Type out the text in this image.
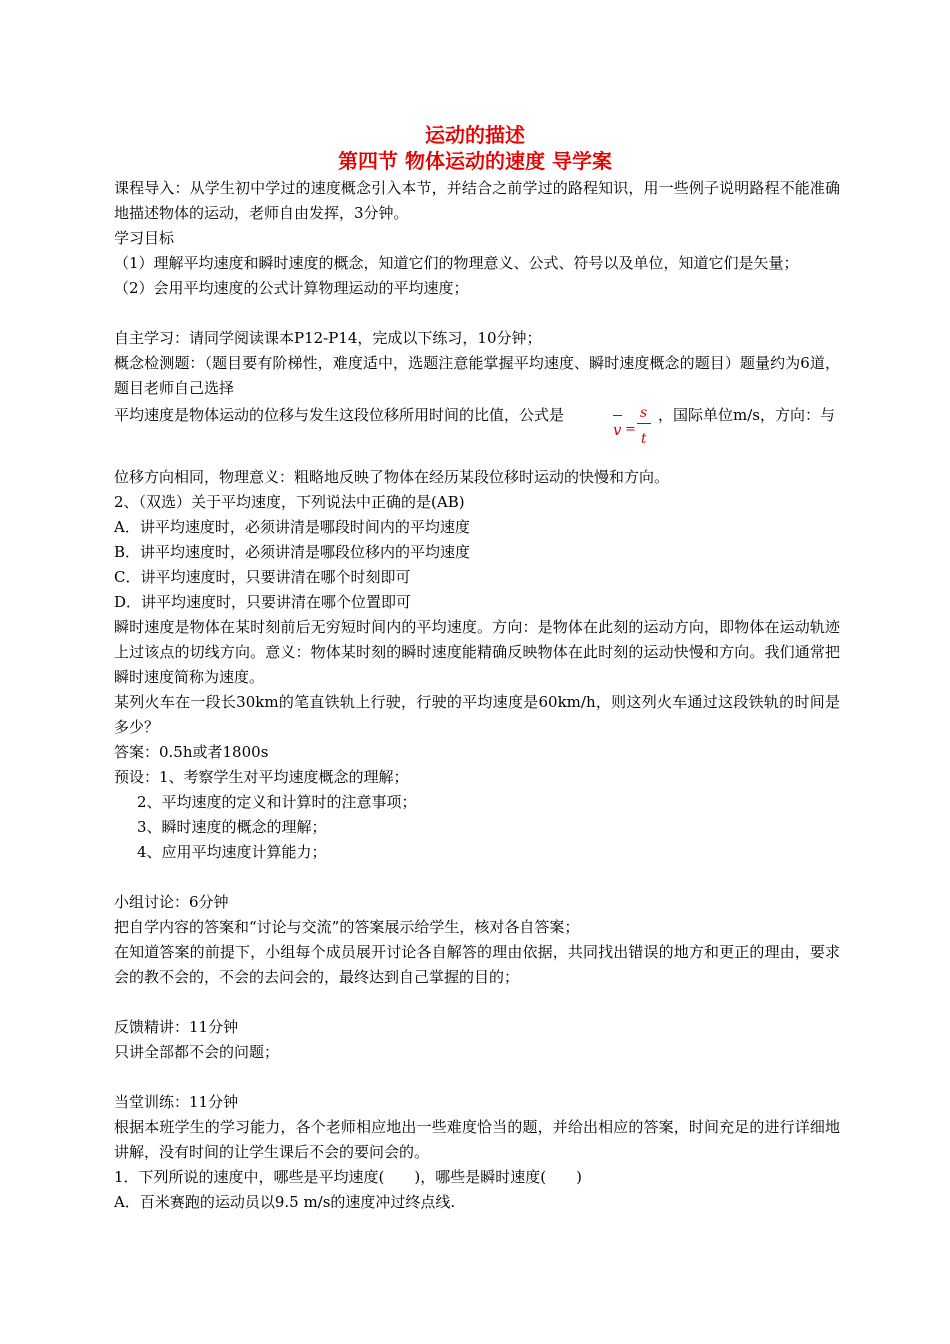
运动的描述
第四节 物体运动的速度 导学案

课程导入：从学生初中学过的速度概念引入本节，并结合之前学过的路程知识，用一些例子说明路程不能准确地描述物体的运动，老师自由发挥，3分钟。

学习目标

（1）理解平均速度和瞬时速度的概念，知道它们的物理意义、公式、符号以及单位，知道它们是矢量；

（2）会用平均速度的公式计算物理运动的平均速度；

自主学习：请同学阅读课本P12-P14，完成以下练习，10分钟；

概念检测题：（题目要有阶梯性，难度适中，选题注意能掌握平均速度、瞬时速度概念的题目）题量约为6道，题目老师自己选择

平均速度是物体运动的位移与发生这段位移所用时间的比值，公式是
v =
s
t
，国际单位m/s，方向：与

位移方向相同，物理意义：粗略地反映了物体在经历某段位移时运动的快慢和方向。

2、（双选）关于平均速度，下列说法中正确的是(AB)

A．讲平均速度时，必须讲清是哪段时间内的平均速度

B．讲平均速度时，必须讲清是哪段位移内的平均速度

C．讲平均速度时，只要讲清在哪个时刻即可

D．讲平均速度时，只要讲清在哪个位置即可

瞬时速度是物体在某时刻前后无穷短时间内的平均速度。方向：是物体在此刻的运动方向，即物体在运动轨迹上过该点的切线方向。意义：物体某时刻的瞬时速度能精确反映物体在此时刻的运动快慢和方向。我们通常把瞬时速度简称为速度。

某列火车在一段长30km的笔直铁轨上行驶，行驶的平均速度是60km/h，则这列火车通过这段铁轨的时间是多少？

答案：0.5h或者1800s

预设：1、考察学生对平均速度概念的理解；

2、平均速度的定义和计算时的注意事项；

3、瞬时速度的概念的理解；

4、应用平均速度计算能力；

小组讨论：6分钟

把自学内容的答案和“讨论与交流”的答案展示给学生，核对各自答案；

在知道答案的前提下，小组每个成员展开讨论各自解答的理由依据，共同找出错误的地方和更正的理由，要求会的教不会的，不会的去问会的，最终达到自己掌握的目的；

反馈精讲：11分钟

只讲全部都不会的问题；

当堂训练：11分钟

根据本班学生的学习能力，各个老师相应地出一些难度恰当的题，并给出相应的答案，时间充足的进行详细地讲解，没有时间的让学生课后不会的要问会的。

1．下列所说的速度中，哪些是平均速度(　　)，哪些是瞬时速度(　　)

A．百米赛跑的运动员以9.5 m/s的速度冲过终点线.
